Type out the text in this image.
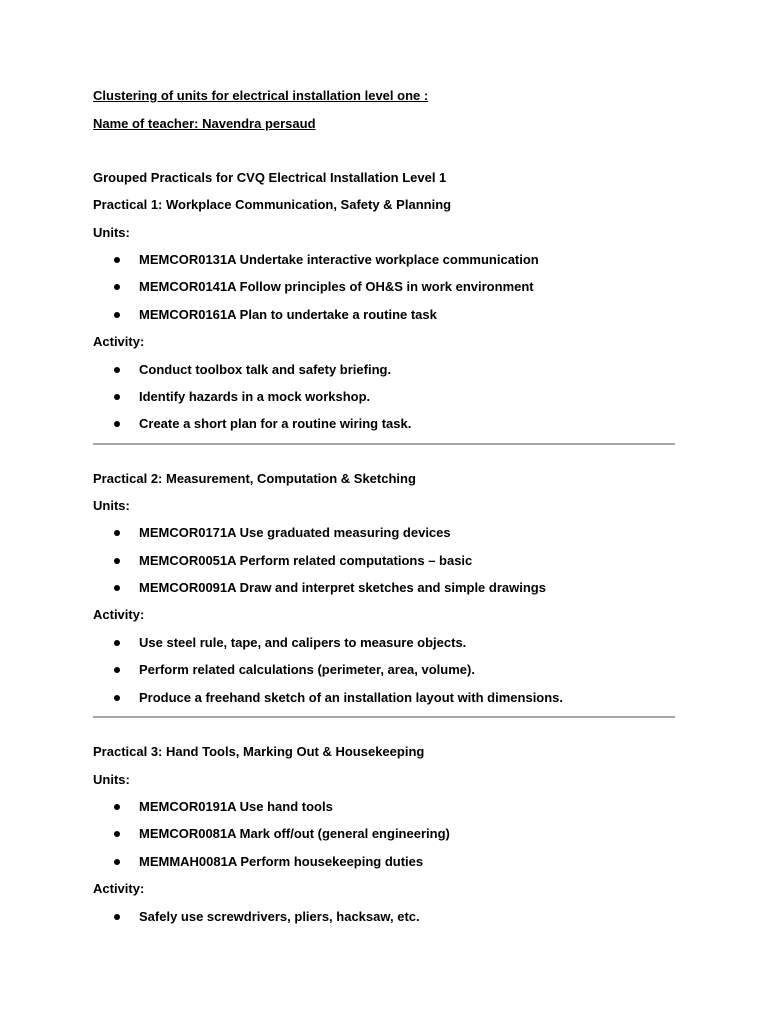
Clustering of units for electrical installation level one :
Name of teacher: Navendra persaud
Grouped Practicals for CVQ Electrical Installation Level 1
Practical 1: Workplace Communication, Safety & Planning
Units:
MEMCOR0131A Undertake interactive workplace communication
MEMCOR0141A Follow principles of OH&S in work environment
MEMCOR0161A Plan to undertake a routine task
Activity:
Conduct toolbox talk and safety briefing.
Identify hazards in a mock workshop.
Create a short plan for a routine wiring task.
Practical 2: Measurement, Computation & Sketching
Units:
MEMCOR0171A Use graduated measuring devices
MEMCOR0051A Perform related computations – basic
MEMCOR0091A Draw and interpret sketches and simple drawings
Activity:
Use steel rule, tape, and calipers to measure objects.
Perform related calculations (perimeter, area, volume).
Produce a freehand sketch of an installation layout with dimensions.
Practical 3: Hand Tools, Marking Out & Housekeeping
Units:
MEMCOR0191A Use hand tools
MEMCOR0081A Mark off/out (general engineering)
MEMMAH0081A Perform housekeeping duties
Activity:
Safely use screwdrivers, pliers, hacksaw, etc.
